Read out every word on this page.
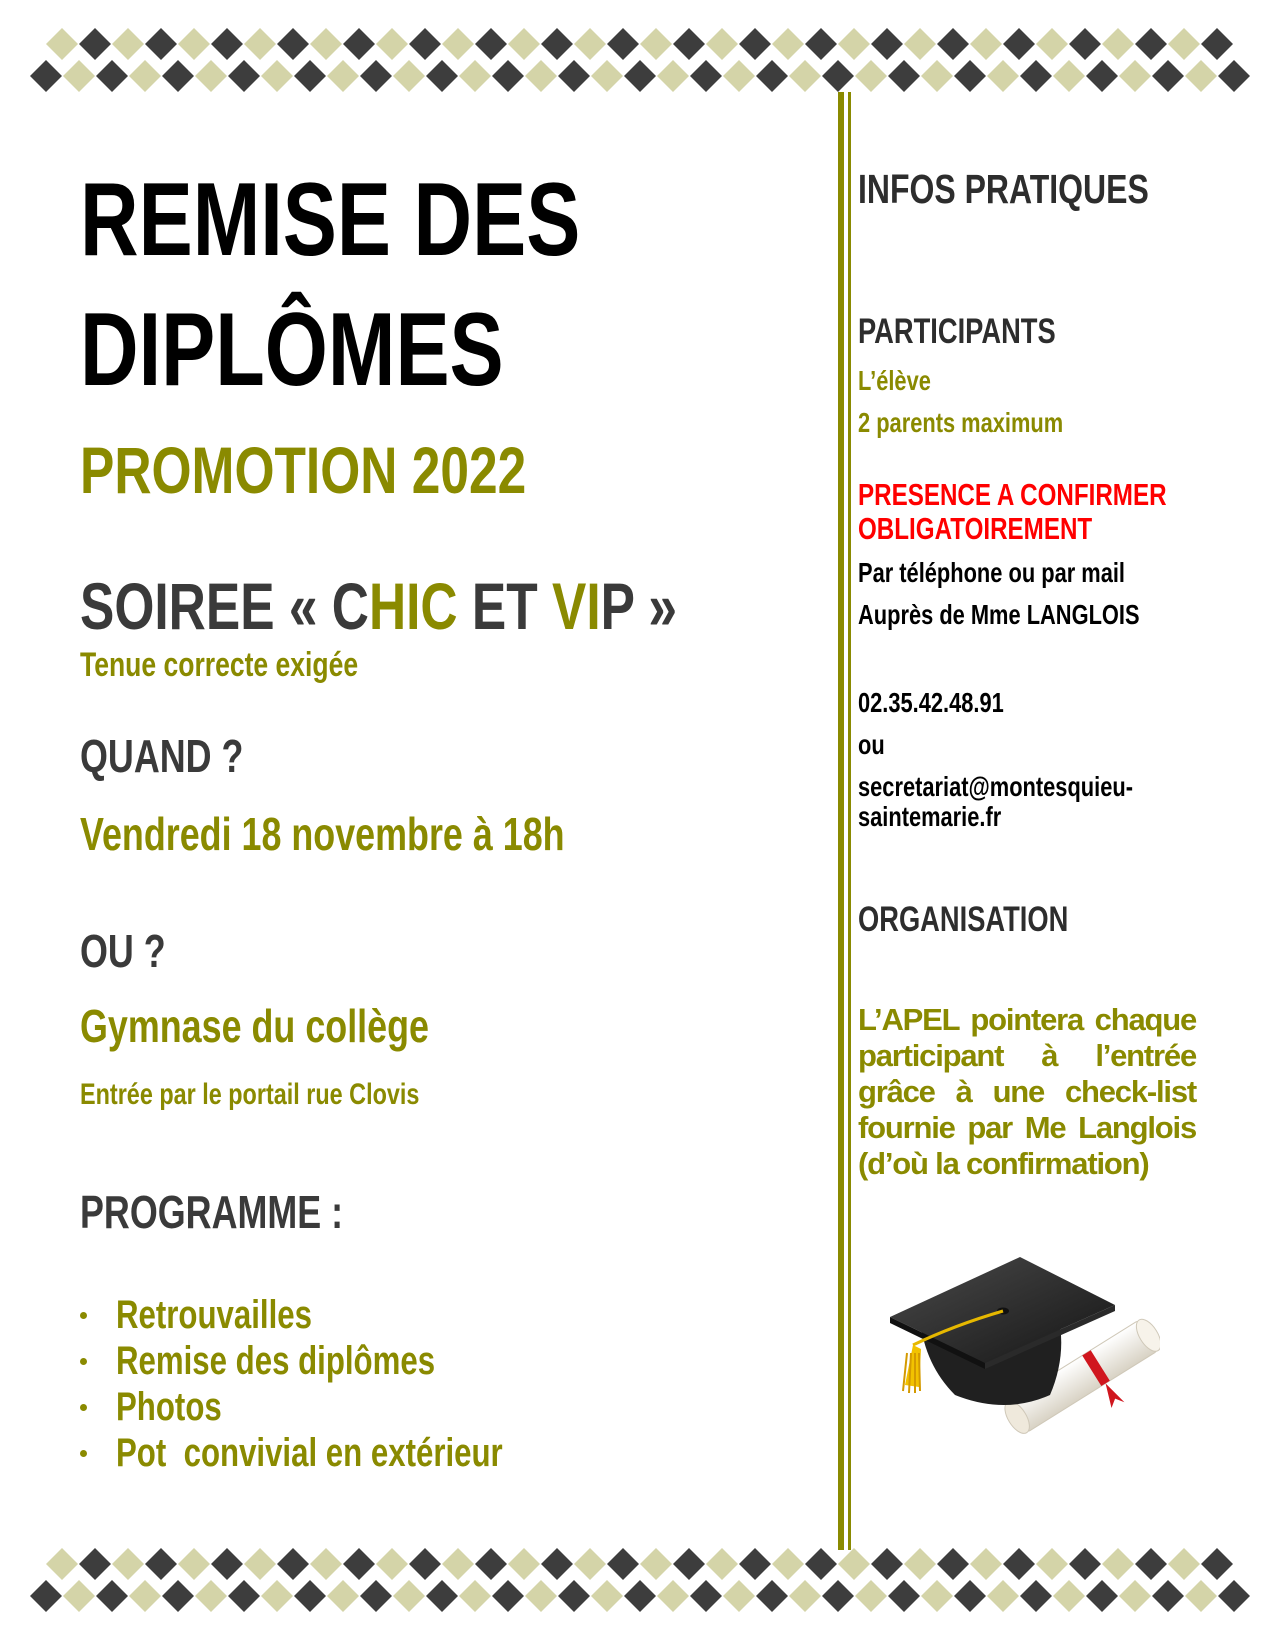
REMISE DES
DIPLÔMES
PROMOTION 2022
SOIREE « CHIC ET VIP »
Tenue correcte exigée
QUAND ?
Vendredi 18 novembre à 18h
OU ?
Gymnase du collège
Entrée par le portail rue Clovis
PROGRAMME :
Retrouvailles
Remise des diplômes
Photos
Pot  convivial en extérieur
INFOS PRATIQUES
PARTICIPANTS
L’élève
2 parents maximum
PRESENCE A CONFIRMER
OBLIGATOIREMENT
Par téléphone ou par mail
Auprès de Mme LANGLOIS
02.35.42.48.91
ou
secretariat@montesquieu-
saintemarie.fr
ORGANISATION
L’APEL pointera chaque participant à l’entrée grâce à une check-list fournie par Me Langlois (d’où la confirmation)
